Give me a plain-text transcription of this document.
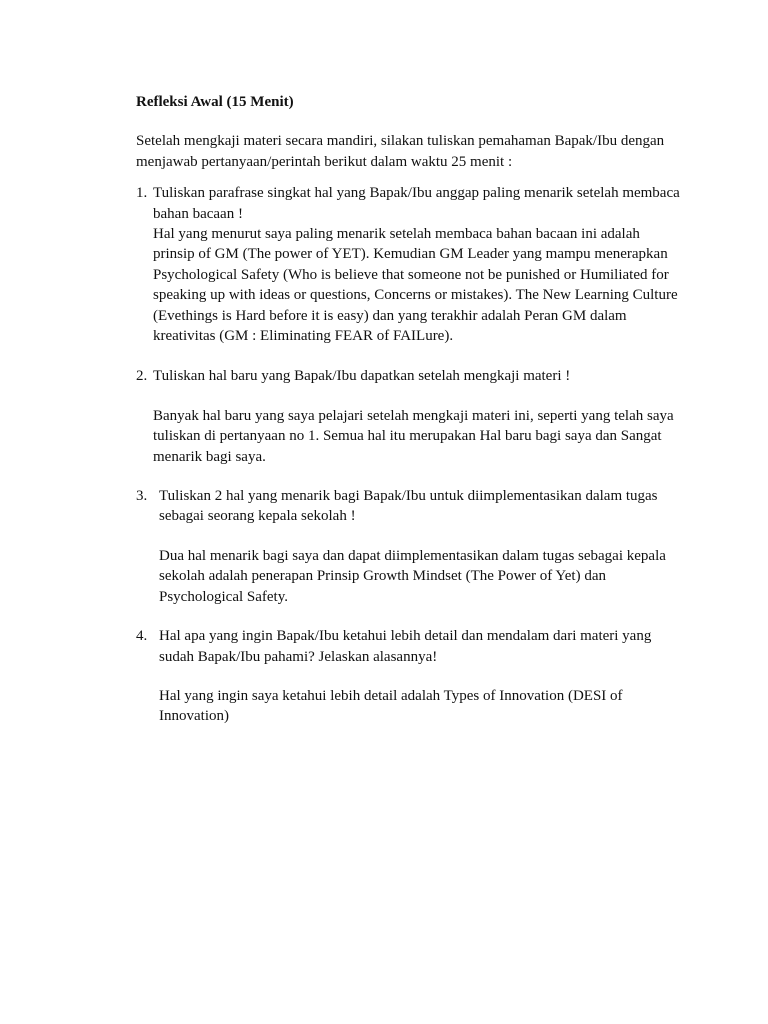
Refleksi Awal (15 Menit)

Setelah mengkaji materi secara mandiri, silakan tuliskan pemahaman Bapak/Ibu dengan menjawab pertanyaan/perintah berikut dalam waktu 25 menit :

1. Tuliskan parafrase singkat hal yang Bapak/Ibu anggap paling menarik setelah membaca bahan bacaan !

Hal yang menurut saya paling menarik setelah membaca bahan bacaan ini adalah prinsip of GM (The power of YET). Kemudian GM Leader yang mampu menerapkan Psychological Safety (Who is believe that someone not be punished or Humiliated for speaking up with ideas or questions, Concerns or mistakes). The New Learning Culture (Evethings is Hard before it is easy) dan yang terakhir adalah Peran GM dalam kreativitas (GM : Eliminating FEAR of FAILure).

2. Tuliskan hal baru yang Bapak/Ibu dapatkan setelah mengkaji materi !

Banyak hal baru yang saya pelajari setelah mengkaji materi ini, seperti yang telah saya tuliskan di pertanyaan no 1. Semua hal itu merupakan Hal baru bagi saya dan Sangat menarik bagi saya.

3. Tuliskan 2 hal yang menarik bagi Bapak/Ibu untuk diimplementasikan dalam tugas sebagai seorang kepala sekolah !

Dua hal menarik bagi saya dan dapat diimplementasikan dalam tugas sebagai kepala sekolah adalah penerapan Prinsip Growth Mindset (The Power of Yet) dan Psychological Safety.

4. Hal apa yang ingin Bapak/Ibu ketahui lebih detail dan mendalam dari materi yang sudah Bapak/Ibu pahami? Jelaskan alasannya!

Hal yang ingin saya ketahui lebih detail adalah Types of Innovation (DESI of Innovation)
